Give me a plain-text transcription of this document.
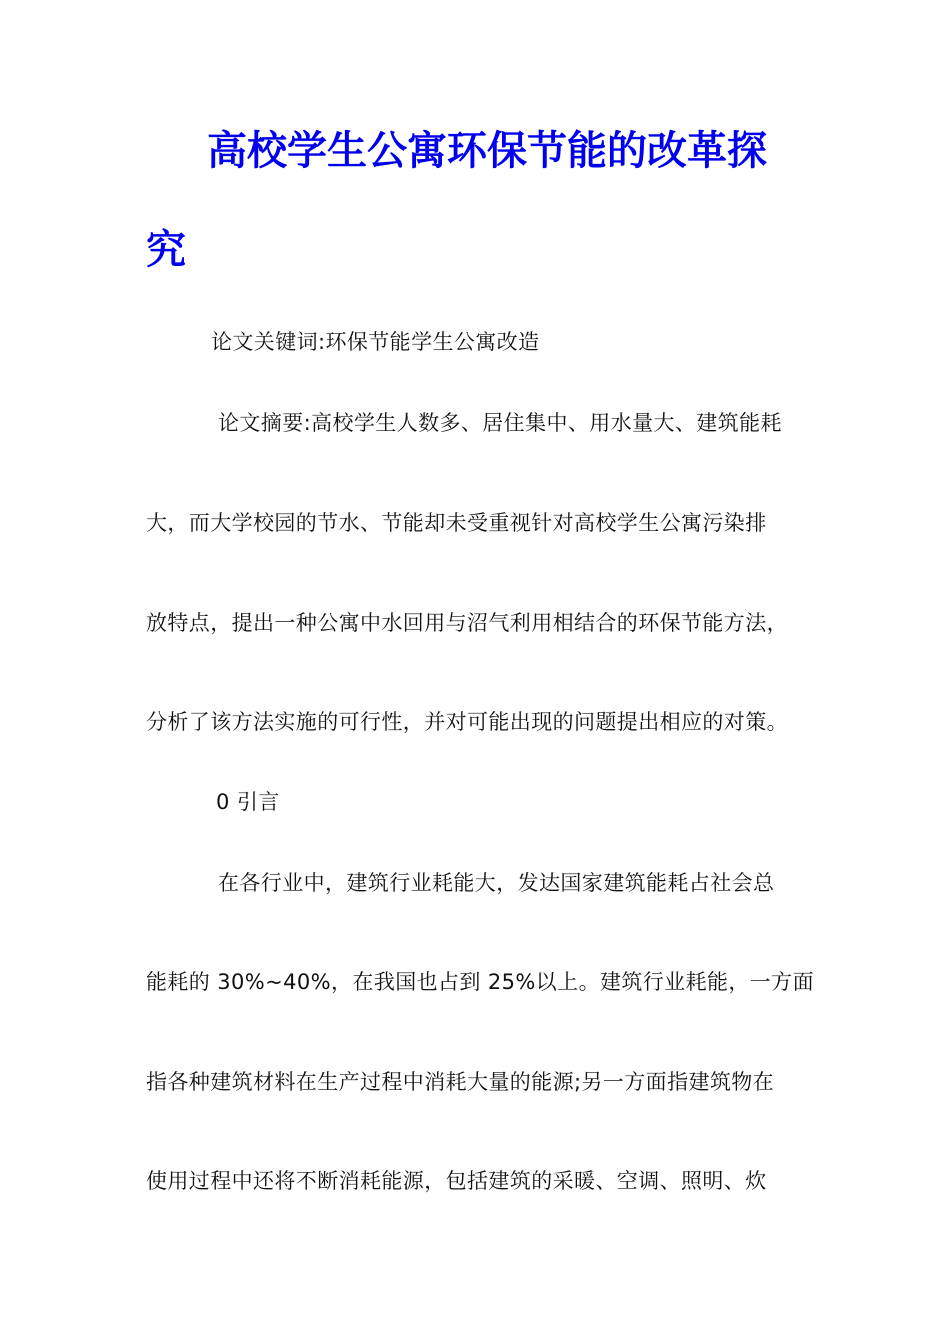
高校学生公寓环保节能的改革探
究
论文关键词:环保节能学生公寓改造
论文摘要:高校学生人数多、居住集中、用水量大、建筑能耗
大，而大学校园的节水、节能却未受重视针对高校学生公寓污染排
放特点，提出一种公寓中水回用与沼气利用相结合的环保节能方法，
分析了该方法实施的可行性，并对可能出现的问题提出相应的对策。
0 引言
在各行业中，建筑行业耗能大，发达国家建筑能耗占社会总
能耗的 30%~40%，在我国也占到 25%以上。建筑行业耗能，一方面
指各种建筑材料在生产过程中消耗大量的能源;另一方面指建筑物在
使用过程中还将不断消耗能源，包括建筑的采暖、空调、照明、炊
